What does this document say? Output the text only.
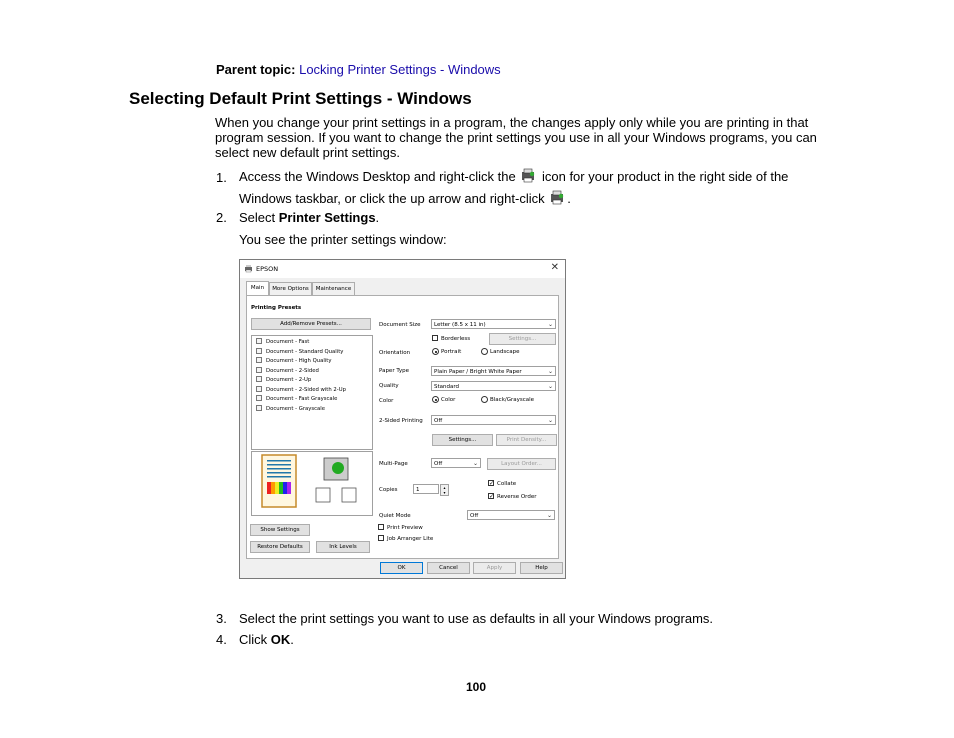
Parent topic: Locking Printer Settings - Windows
Selecting Default Print Settings - Windows
When you change your print settings in a program, the changes apply only while you are printing in that program session. If you want to change the print settings you use in all your Windows programs, you can select new default print settings.
1. Access the Windows Desktop and right-click the icon for your product in the right side of the
Windows taskbar, or click the up arrow and right-click .
2. Select Printer Settings.
You see the printer settings window:
EPSON	✕
Main	More Options	Maintenance
Printing Presets
Add/Remove Presets...
Document - Fast
Document - Standard Quality
Document - High Quality
Document - 2-Sided
Document - 2-Up
Document - 2-Sided with 2-Up
Document - Fast Grayscale
Document - Grayscale
Show Settings
Restore Defaults	Ink Levels
Document Size	Letter (8.5 x 11 in)	⌄
Borderless	Settings...
Orientation	Portrait	Landscape
Paper Type	Plain Paper / Bright White Paper	⌄
Quality	Standard	⌄
Color	Color	Black/Grayscale
2-Sided Printing	Off	⌄
Settings...	Print Density...
Multi-Page	Off	⌄	Layout Order...
Copies	1	▴
▾
✓ Collate
✓ Reverse Order
Quiet Mode	Off	⌄
Print Preview
Job Arranger Lite
OK	Cancel	Apply	Help
3. Select the print settings you want to use as defaults in all your Windows programs.
4. Click OK.
100
